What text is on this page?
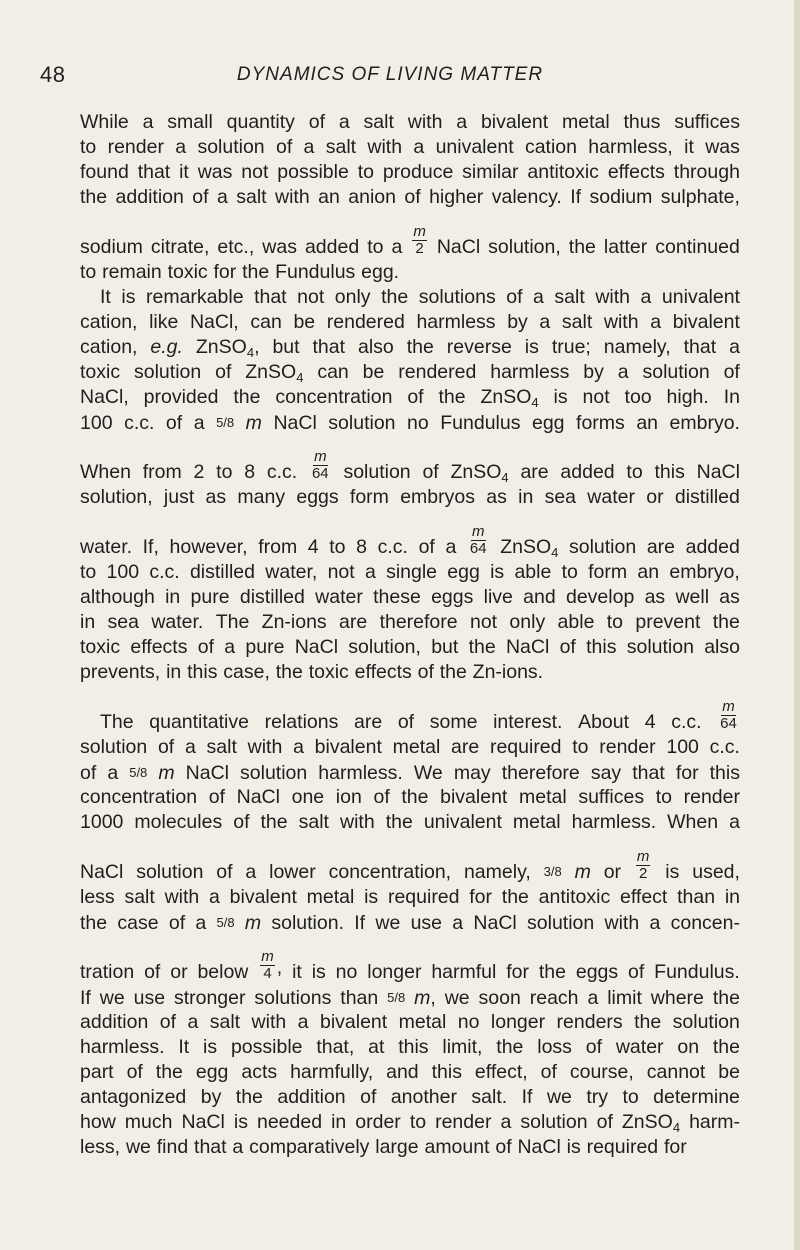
48	DYNAMICS OF LIVING MATTER
While a small quantity of a salt with a bivalent metal thus suffices
to render a solution of a salt with a univalent cation harmless, it was
found that it was not possible to produce similar antitoxic effects through
the addition of a salt with an anion of higher valency. If sodium sulphate,
sodium citrate, etc., was added to a $\frac{m}{2}$ NaCl solution, the latter continued
to remain toxic for the Fundulus egg.
It is remarkable that not only the solutions of a salt with a univalent
cation, like NaCl, can be rendered harmless by a salt with a bivalent
cation, e.g. ZnSO$_4$, but that also the reverse is true; namely, that a
toxic solution of ZnSO$_4$ can be rendered harmless by a solution of
NaCl, provided the concentration of the ZnSO$_4$ is not too high. In
100 c.c. of a 5/8 m NaCl solution no Fundulus egg forms an embryo.
When from 2 to 8 c.c. $\frac{m}{64}$ solution of ZnSO$_4$ are added to this NaCl
solution, just as many eggs form embryos as in sea water or distilled
water. If, however, from 4 to 8 c.c. of a $\frac{m}{64}$ ZnSO$_4$ solution are added
to 100 c.c. distilled water, not a single egg is able to form an embryo,
although in pure distilled water these eggs live and develop as well as
in sea water. The Zn-ions are therefore not only able to prevent the
toxic effects of a pure NaCl solution, but the NaCl of this solution also
prevents, in this case, the toxic effects of the Zn-ions.
The quantitative relations are of some interest. About 4 c.c. $\frac{m}{64}$
solution of a salt with a bivalent metal are required to render 100 c.c.
of a 5/8 m NaCl solution harmless. We may therefore say that for this
concentration of NaCl one ion of the bivalent metal suffices to render
1000 molecules of the salt with the univalent metal harmless. When a
NaCl solution of a lower concentration, namely, 3/8 m or $\frac{m}{2}$ is used,
less salt with a bivalent metal is required for the antitoxic effect than in
the case of a 5/8 m solution. If we use a NaCl solution with a concen-
tration of or below $\frac{m}{4}$ , it is no longer harmful for the eggs of Fundulus.
If we use stronger solutions than 5/8 m, we soon reach a limit where the
addition of a salt with a bivalent metal no longer renders the solution
harmless. It is possible that, at this limit, the loss of water on the
part of the egg acts harmfully, and this effect, of course, cannot be
antagonized by the addition of another salt. If we try to determine
how much NaCl is needed in order to render a solution of ZnSO$_4$ harm-
less, we find that a comparatively large amount of NaCl is required for
